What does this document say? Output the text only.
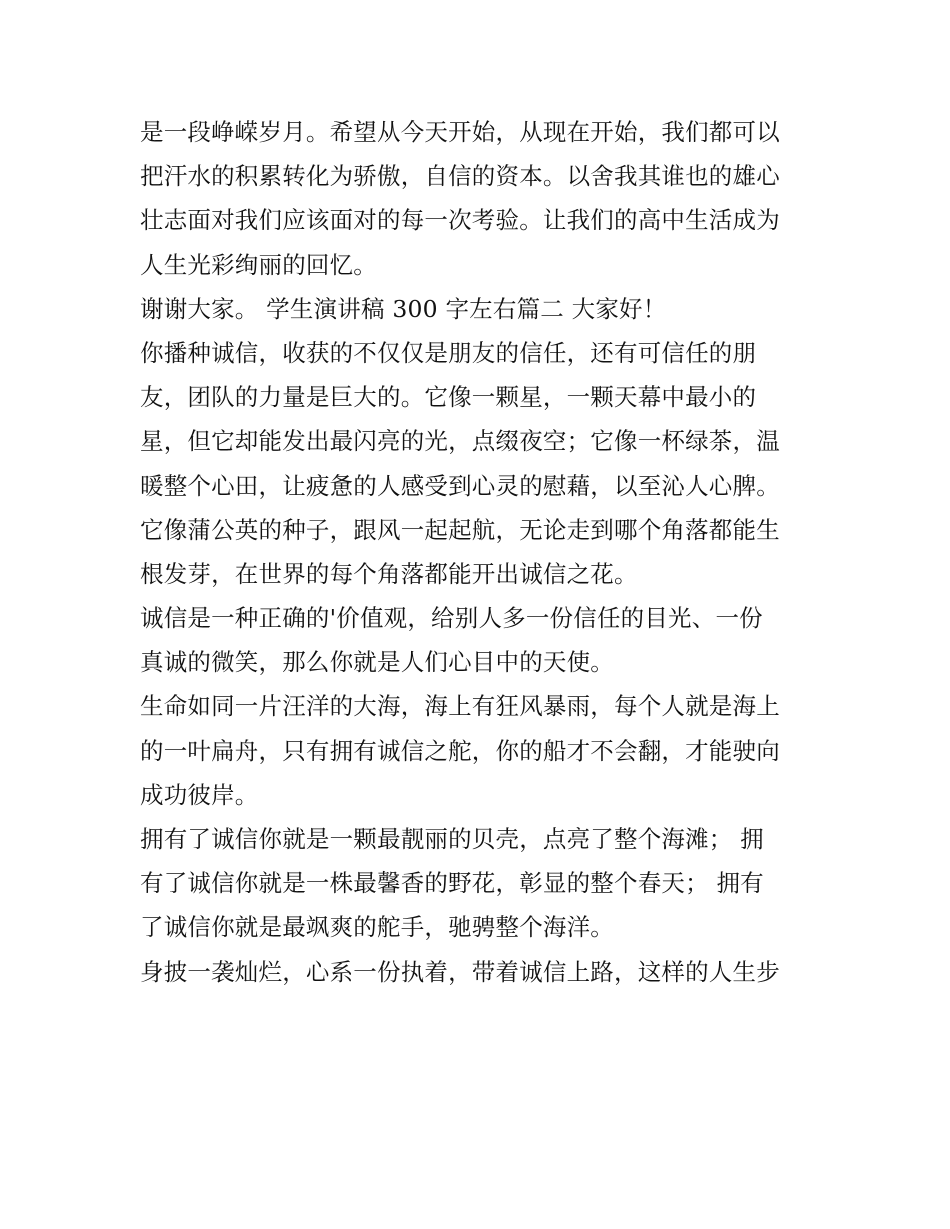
是一段峥嵘岁月。希望从今天开始，从现在开始，我们都可以
把汗水的积累转化为骄傲，自信的资本。以舍我其谁也的雄心
壮志面对我们应该面对的每一次考验。让我们的高中生活成为
人生光彩绚丽的回忆。
谢谢大家。 学生演讲稿 300 字左右篇二 大家好！
你播种诚信，收获的不仅仅是朋友的信任，还有可信任的朋
友，团队的力量是巨大的。它像一颗星，一颗天幕中最小的
星，但它却能发出最闪亮的光，点缀夜空；它像一杯绿茶，温
暖整个心田，让疲惫的人感受到心灵的慰藉，以至沁人心脾。
它像蒲公英的种子，跟风一起起航，无论走到哪个角落都能生
根发芽，在世界的每个角落都能开出诚信之花。
诚信是一种正确的'价值观，给别人多一份信任的目光、一份
真诚的微笑，那么你就是人们心目中的天使。
生命如同一片汪洋的大海，海上有狂风暴雨，每个人就是海上
的一叶扁舟，只有拥有诚信之舵，你的船才不会翻，才能驶向
成功彼岸。
拥有了诚信你就是一颗最靓丽的贝壳，点亮了整个海滩； 拥
有了诚信你就是一株最馨香的野花，彰显的整个春天； 拥有
了诚信你就是最飒爽的舵手，驰骋整个海洋。
身披一袭灿烂，心系一份执着，带着诚信上路，这样的人生步
